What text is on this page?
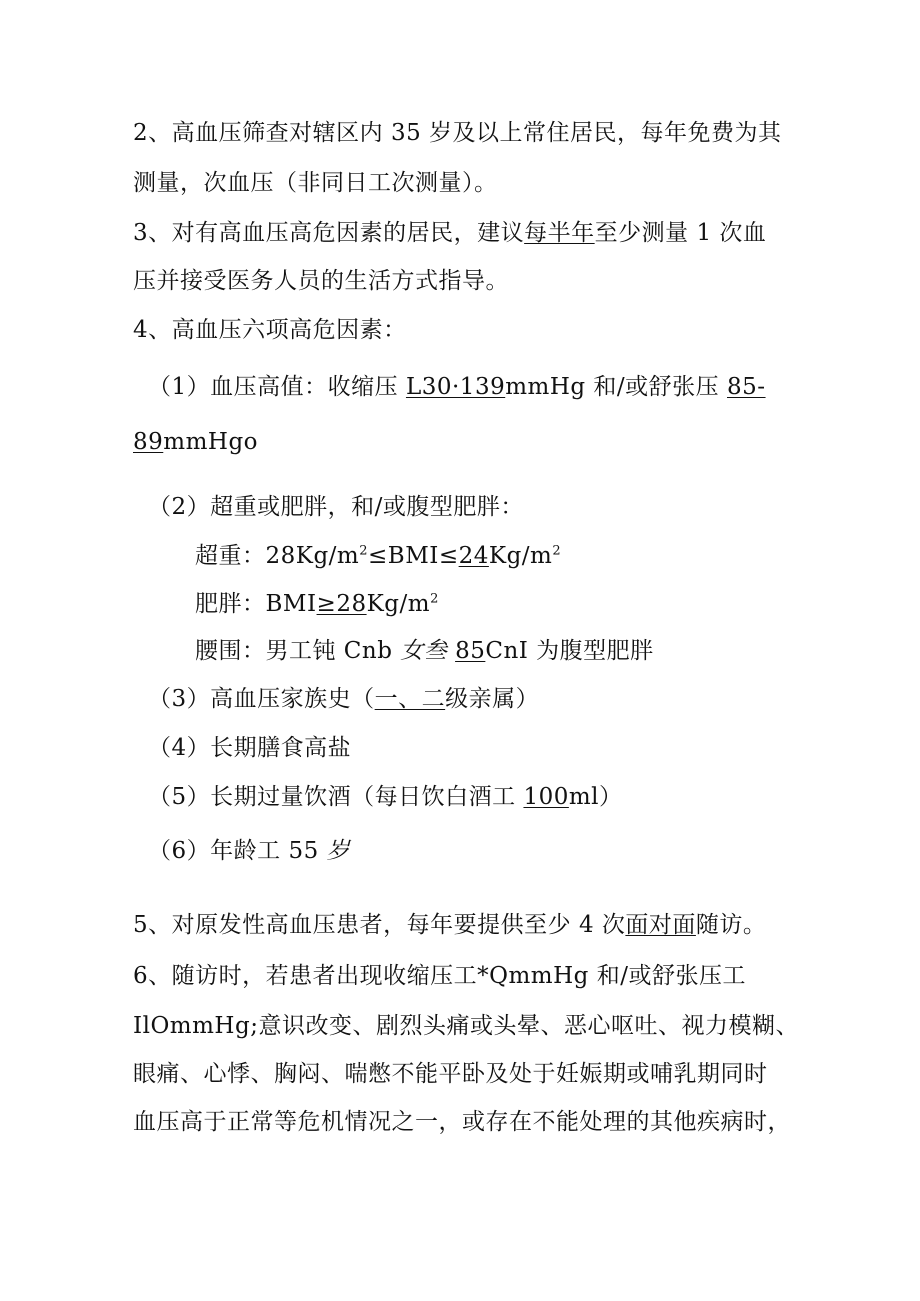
2、高血压筛查对辖区内 35 岁及以上常住居民，每年免费为其
测量，次血压（非同日工次测量）。
3、对有高血压高危因素的居民，建议每半年至少测量 1 次血
压并接受医务人员的生活方式指导。
4、高血压六项高危因素：
（1）血压高值：收缩压 L30·139mmHg 和/或舒张压 85-
89mmHgo
（2）超重或肥胖，和/或腹型肥胖：
超重：$28Kg/m^2\le BMI\le 24Kg/m^2$
肥胖：$BMI\ge 28Kg/m^2$
腰围：男工钝 Cnb 女叁 85CnI 为腹型肥胖
（3）高血压家族史（一、二级亲属）
（4）长期膳食高盐
（5）长期过量饮酒（每日饮白酒工 100ml）
（6）年龄工 55 岁
5、对原发性高血压患者，每年要提供至少 4 次面对面随访。
6、随访时，若患者出现收缩压工*QmmHg 和/或舒张压工
IlOmmHg;意识改变、剧烈头痛或头晕、恶心呕吐、视力模糊、
眼痛、心悸、胸闷、喘憋不能平卧及处于妊娠期或哺乳期同时
血压高于正常等危机情况之一，或存在不能处理的其他疾病时，
